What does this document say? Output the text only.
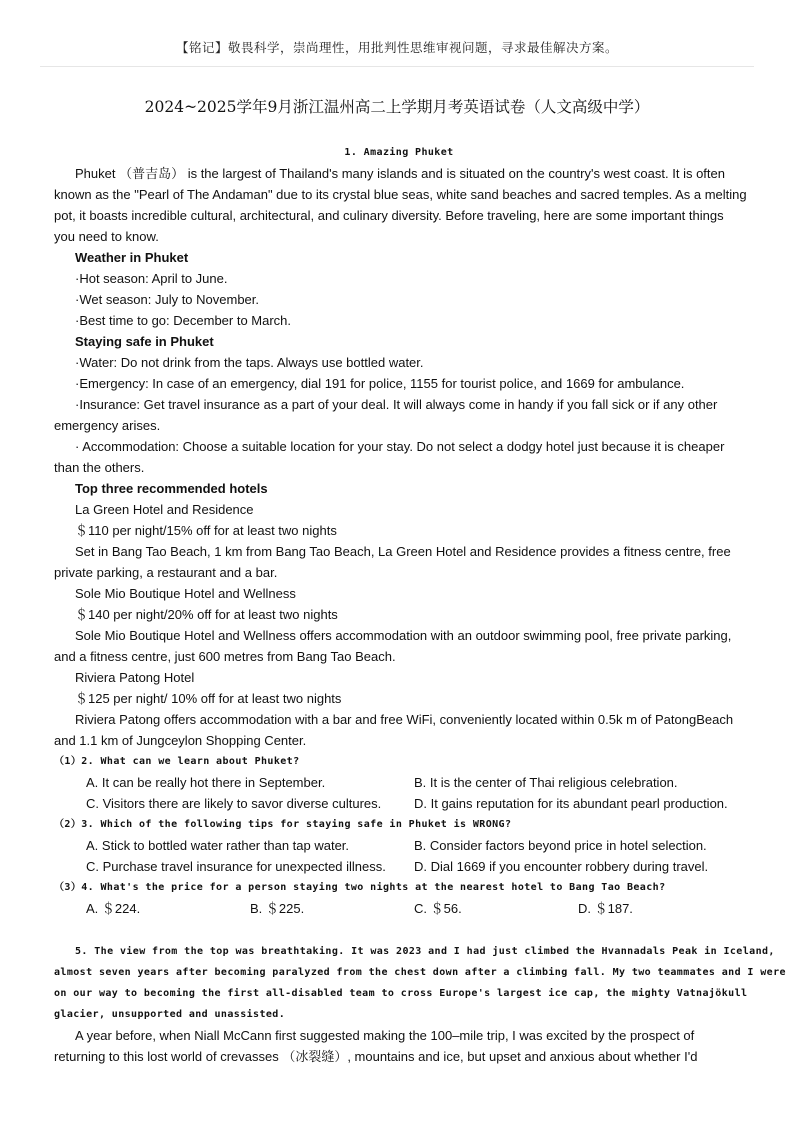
【铭记】敬畏科学，崇尚理性，用批判性思维审视问题，寻求最佳解决方案。
2024~2025学年9月浙江温州高二上学期月考英语试卷（人文高级中学）
1. Amazing Phuket
Phuket （普吉岛） is the largest of Thailand's many islands and is situated on the country's west coast. It is often
known as the "Pearl of The Andaman" due to its crystal blue seas, white sand beaches and sacred temples. As a melting
pot, it boasts incredible cultural, architectural, and culinary diversity. Before traveling, here are some important things
you need to know.
Weather in Phuket
·Hot season: April to June.
·Wet season: July to November.
·Best time to go: December to March.
Staying safe in Phuket
·Water: Do not drink from the taps. Always use bottled water.
·Emergency: In case of an emergency, dial 191 for police, 1155 for tourist police, and 1669 for ambulance.
·Insurance: Get travel insurance as a part of your deal. It will always come in handy if you fall sick or if any other
emergency arises.
· Accommodation: Choose a suitable location for your stay. Do not select a dodgy hotel just because it is cheaper
than the others.
Top three recommended hotels
La Green Hotel and Residence
＄110 per night/15% off for at least two nights
Set in Bang Tao Beach, 1 km from Bang Tao Beach, La Green Hotel and Residence provides a fitness centre, free
private parking, a restaurant and a bar.
Sole Mio Boutique Hotel and Wellness
＄140 per night/20% off for at least two nights
Sole Mio Boutique Hotel and Wellness offers accommodation with an outdoor swimming pool, free private parking,
and a fitness centre, just 600 metres from Bang Tao Beach.
Riviera Patong Hotel
＄125 per night/ 10% off for at least two nights
Riviera Patong offers accommodation with a bar and free WiFi, conveniently located within 0.5k m of PatongBeach
and 1.1 km of Jungceylon Shopping Center.
（1）2. What can we learn about Phuket?
A. It can be really hot there in September.	B. It is the center of Thai religious celebration.
C. Visitors there are likely to savor diverse cultures.	D. It gains reputation for its abundant pearl production.
（2）3. Which of the following tips for staying safe in Phuket is WRONG?
A. Stick to bottled water rather than tap water.	B. Consider factors beyond price in hotel selection.
C. Purchase travel insurance for unexpected illness. D. Dial 1669 if you encounter robbery during travel.
（3）4. What's the price for a person staying two nights at the nearest hotel to Bang Tao Beach?
A. ＄224.	B. ＄225.	C. ＄56.	D. ＄187.
5. The view from the top was breathtaking. It was 2023 and I had just climbed the Hvannadals Peak in Iceland,
almost seven years after becoming paralyzed from the chest down after a climbing fall. My two teammates and I were
on our way to becoming the first all-disabled team to cross Europe's largest ice cap, the mighty Vatnajökull
glacier, unsupported and unassisted.
A year before, when Niall McCann first suggested making the 100–mile trip, I was excited by the prospect of
returning to this lost world of crevasses （冰裂缝）, mountains and ice, but upset and anxious about whether I'd
